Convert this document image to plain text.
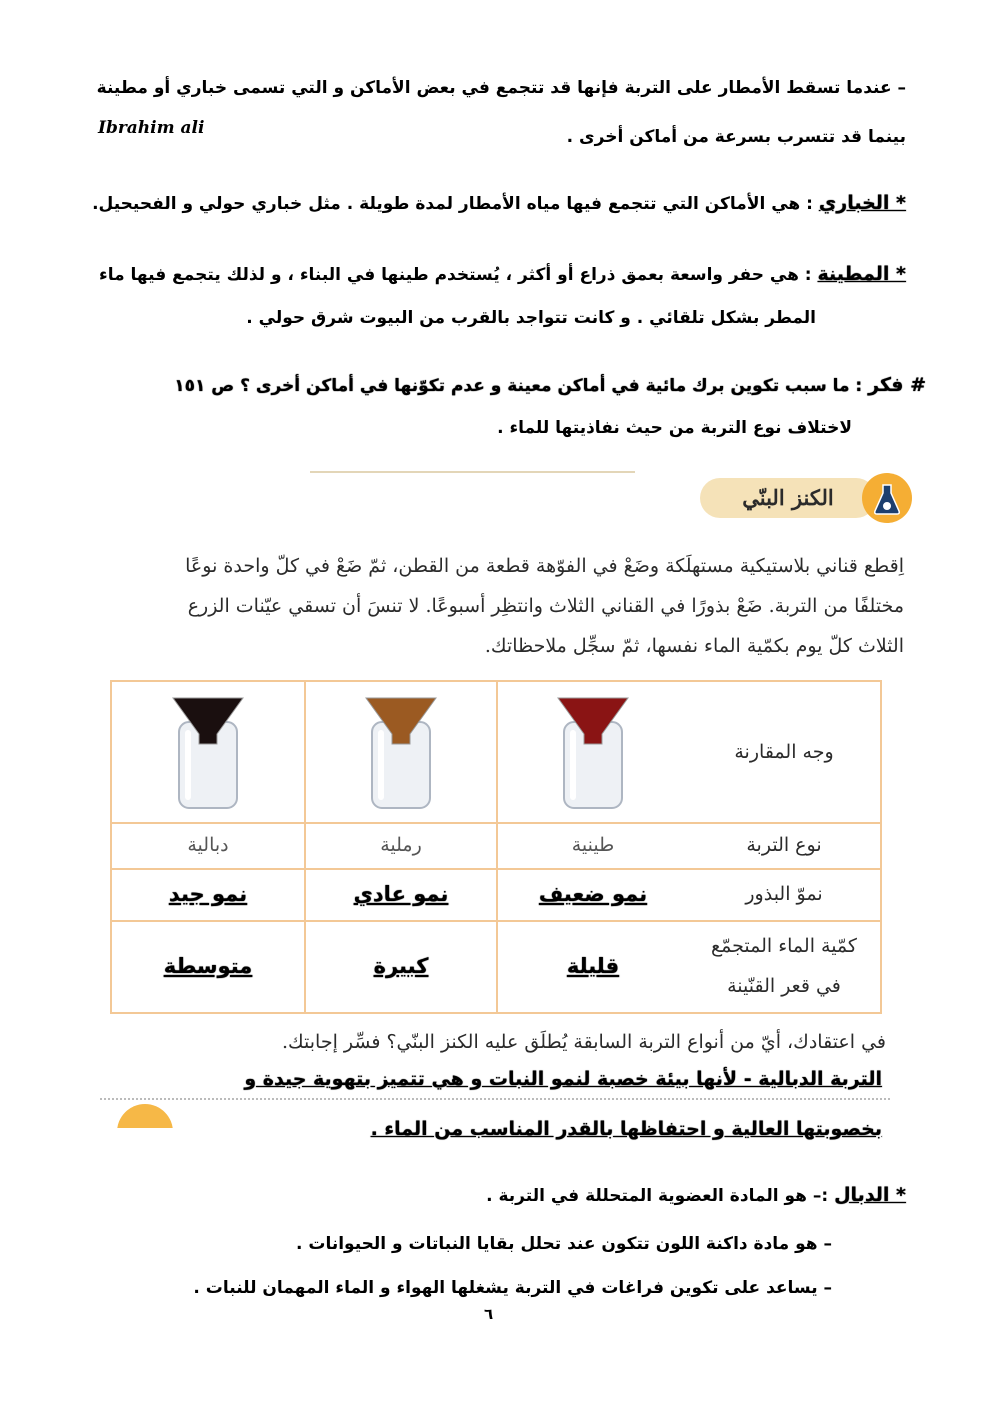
– عندما تسقط الأمطار على التربة فإنها قد تتجمع في بعض الأماكن و التي تسمى خباري أو مطينة
بينما قد تتسرب بسرعة من أماكن أخرى .
Ibrahim ali
* الخباري : هي الأماكن التي تتجمع فيها مياه الأمطار لمدة طويلة . مثل خباري حولي و الفحيحيل.
* المطينة : هي حفر واسعة بعمق ذراع أو أكثر ، يُستخدم طينها في البناء ، و لذلك يتجمع فيها ماء
المطر بشكل تلقائي . و كانت تتواجد بالقرب من البيوت شرق حولي .
# فكر : ما سبب تكوين برك مائية في أماكن معينة و عدم تكوّنها في أماكن أخرى ؟ ص ١٥١
لاختلاف نوع التربة من حيث نفاذيتها للماء .
الكنز البنّي
اِقطع قناني بلاستيكية مستهلَكة وضَعْ في الفوّهة قطعة من القطن، ثمّ ضَعْ في كلّ واحدة نوعًا
مختلفًا من التربة. ضَعْ بذورًا في القناني الثلاث وانتظِر أسبوعًا. لا تنسَ أن تسقي عيّنات الزرع
الثلاث كلّ يوم بكمّية الماء نفسها، ثمّ سجِّل ملاحظاتك.
وجه المقارنة
نوع التربة
طينية
رملية
دبالية
نموّ البذور
نمو ضعيف
نمو عادي
نمو جيد
كمّية الماء المتجمّع في قعر القنّينة
قليلة
كبيرة
متوسطة
في اعتقادك، أيّ من أنواع التربة السابقة يُطلَق عليه الكنز البنّي؟ فسِّر إجابتك.
التربة الدبالية - لأنها بيئة خصبة لنمو النبات و هي تتميز بتهوية جيدة و
بخصوبتها العالية و احتفاظها بالقدر المناسب من الماء .
* الدبال :– هو المادة العضوية المتحللة في التربة .
– هو مادة داكنة اللون تتكون عند تحلل بقايا النباتات و الحيوانات .
– يساعد على تكوين فراغات في التربة يشغلها الهواء و الماء المهمان للنبات .
٦
